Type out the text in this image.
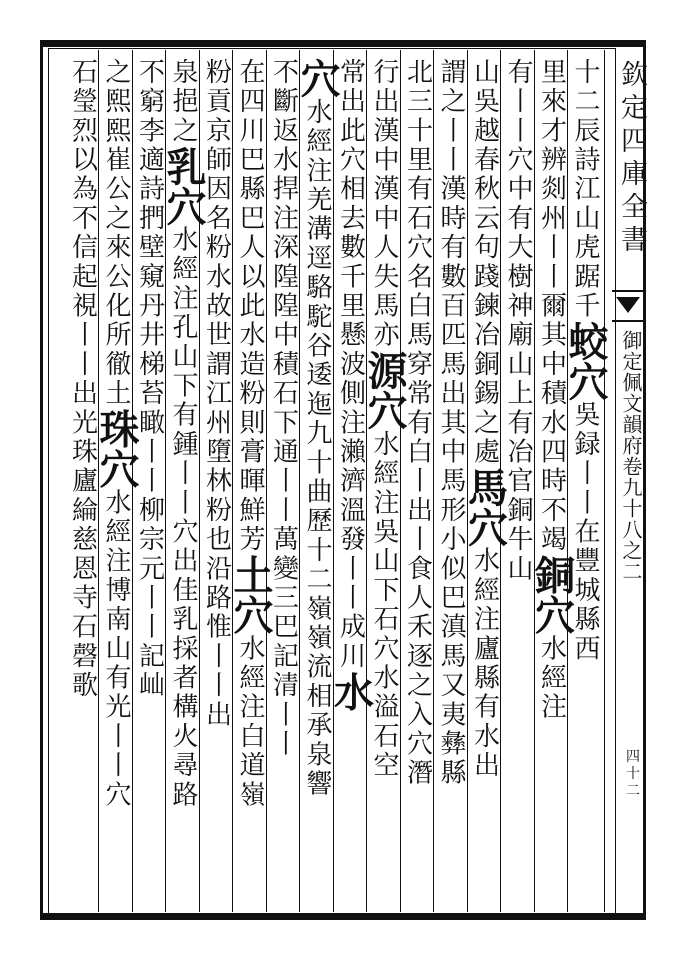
欽定四庫全書
御定佩文韻府卷九十八之二
四十二
十二辰詩江山虎踞千蛟穴吳録丨丨在豐城縣西
里來才辨剡州丨丨爾其中積水四時不竭銅穴水經注
有丨丨穴中有大樹神廟山上有冶官銅牛山
山吳越春秋云句踐鍊冶銅錫之處馬穴水經注廬縣有水出
謂之丨丨漢時有數百匹馬出其中馬形小似巴滇馬又夷彝縣
北三十里有石穴名白馬穿常有白丨出丨食人禾逐之入穴潛
行出漢中漢中人失馬亦源穴水經注吳山下石穴水溢石空
常出此穴相去數千里懸波側注瀨濟溫發丨丨成川水
穴水經注羌溝逕駱駝谷逶迤九十曲歷十二嶺嶺流相承泉響
不斷返水捍注深隍隍中積石下通丨丨萬變三巴記清丨丨
在四川巴縣巴人以此水造粉則膏暉鮮芳土穴水經注白道嶺
粉貢京師因名粉水故世謂江州墮林粉也沿路惟丨丨出
泉挹之乳穴水經注孔山下有鍾丨丨穴出佳乳採者構火尋路
不窮李適詩捫壁窺丹井梯苔瞰丨丨柳宗元丨丨記屾
之熙熙崔公之來公化所徹土珠穴水經注博南山有光丨丨穴
石瑩烈以為不信起視丨丨出光珠廬綸慈恩寺石磬歌
